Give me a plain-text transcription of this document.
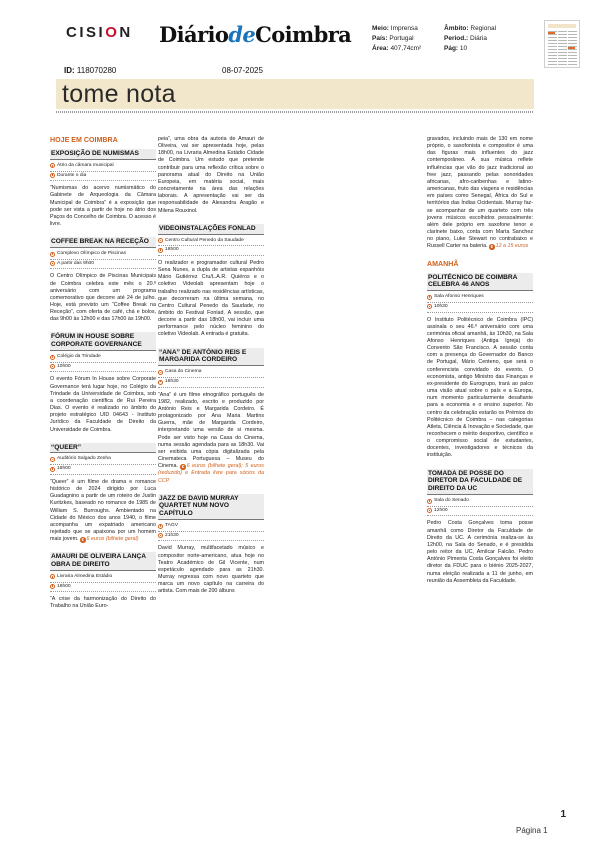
CISION DiáriodeCoimbra	Meio: Imprensa
País: Portugal
Área: 407,74cm²
Âmbito: Regional
Period.: Diária
Pág: 10
ID: 118070280	08-07-2025
tome nota
HOJE EM COIMBRA
EXPOSIÇÃO DE NUMISMAS
Átrio da câmara municipal
Durante o dia
“Numismas do acervo numismático do Gabinete de Arqueologia da Câmara Municipal de Coimbra” é a exposição que pode ser vista a partir de hoje no átrio dos Paços do Concelho de Coimbra. O acesso é livre.
COFFEE BREAK NA RECEÇÃO
Complexo Olímpico de Piscinas
A partir das 9h00
O Centro Olímpico de Piscinas Municipais de Coimbra celebra este mês o 20.º aniversário com um programa comemorativo que decorre até 24 de julho. Hoje, está previsto um “Coffee Break na Receção”, com oferta de café, chá e bolos, das 9h00 às 12h00 e das 17h00 às 19h00.
FÓRUM IN HOUSE SOBRE CORPORATE GOVERNANCE
Colégio da Trindade
10h00
O evento Fórum In House sobre Corporate Governance terá lugar hoje, no Colégio da Trindade da Universidade de Coimbra, sob a coordenação científica de Rui Pereira Dias. O evento é realizado no âmbito do projeto estratégico UID 04643 - Instituto Jurídico da Faculdade de Direito da Universidade de Coimbra.
“QUEER”
Auditório Salgado Zenha
18h00
“Queer” é um filme de drama e romance histórico de 2024 dirigido por Luca Guadagnino a partir de um roteiro de Justin Kuritzkes, baseado no romance de 1985 de William S. Burroughs. Ambientado na Cidade do México dos anos 1940, o filme acompanha um expatriado americano rejeitado que se apaixona por um homem mais jovem. € 6 euros (bilhete geral)
AMAURI DE OLIVEIRA LANÇA OBRA DE DIREITO
Livraria Almedina Estádio
18h00
“A crise da harmonização do Direito do Trabalho na União Euro-
peia”, uma obra da autoria de Amauri de Oliveira, vai ser apresentada hoje, pelas 18h00, na Livraria Almedina Estádio Cidade de Coimbra. Um estudo que pretende contribuir para uma reflexão crítica sobre o panorama atual do Direito na União Europeia, em matéria social, mais concretamente na área das relações laborais. A apresentação vai ser da responsabilidade de Alexandra Aragão e Milena Rouxinol.
VIDEOINSTALAÇÕES FONLAD
Centro Cultural Penedo da Saudade
18h00
O realizador e programador cultural Pedro Sena Nunes, a dupla de artistas espanhóis Mário Gutiérrez Cru/L.A.R. Quiéros e o coletivo Videolab apresentam hoje o trabalho realizado nas residências artísticas, que decorreram na última semana, no Centro Cultural Penedo da Saudade, no âmbito do Festival Fonlad. A sessão, que decorre a partir das 18h00, vai incluir uma performance pelo núcleo feminino do coletivo Videolab. A entrada é gratuita.
“ANA” DE ANTÓNIO REIS E MARGARIDA CORDEIRO
Casa do Cinema
18h30
“Ana” é um filme etnográfico português de 1982, realizado, escrito e produzido por António Reis e Margarida Cordeiro. É protagonizado por Ana Maria Martins Guerra, mãe de Margarida Cordeiro, interpretando uma versão de si mesma. Pode ser visto hoje na Casa do Cinema, numa sessão agendada para as 18h30. Vai ser exibida uma cópia digitalizada pela Cinemateca Portuguesa – Museu do Cinema. € 6 euros (bilhete geral); 5 euros (reduzido) e Entrada livre para sócios da CCP
JAZZ DE DAVID MURRAY QUARTET NUM NOVO CAPÍTULO
TAGV
21h30
David Murray, multifacetado músico e compositor norte-americano, atua hoje no Teatro Académico de Gil Vicente, num espetáculo agendado para as 21h30. Murray regressa com novo quarteto que marca um novo capítulo na carreira do artista. Com mais de 200 álbuns
gravados, incluindo mais de 130 em nome próprio, o saxofonista e compositor é uma das figuras mais influentes do jazz contemporâneo. A sua música reflete influências que vão do jazz tradicional ao free jazz, passando pelas sonoridades africanas, afro-caribenhas e latino-americanas, fruto das viagens e residências em países como Senegal, África do Sul e territórios das Índias Ocidentais. Murray faz-se acompanhar de um quarteto com três jovens músicos escolhidos pessoalmente: além dele próprio em saxofone tenor e clarinete baixo, conta com Marta Sanchez no piano, Luke Stewart no contrabaixo e Russell Carter na bateria. € 12 a 15 euros
AMANHÃ
POLITÉCNICO DE COIMBRA CELEBRA 46 ANOS
Sala Afonso Henriques
10h30
O Instituto Politécnico de Coimbra (IPC) assinala o seu 46.º aniversário com uma cerimónia oficial amanhã, às 10h30, na Sala Afonso Henriques (Antiga Igreja) do Convento São Francisco. A sessão conta com a presença do Governador do Banco de Portugal, Mário Centeno, que será o conferencista convidado do evento. O economista, antigo Ministro das Finanças e ex-presidente do Eurogrupo, trará ao palco uma visão atual sobre o país e a Europa, num momento particularmente desafiante para a economia e o ensino superior. No centro da celebração estarão os Prémios do Politécnico de Coimbra – nas categorias Atleta, Ciência & Inovação e Sociedade, que reconhecem o mérito desportivo, científico e o compromisso social de estudantes, docentes, investigadores e técnicos da instituição.
TOMADA DE POSSE DO DIRETOR DA FACULDADE DE DIREITO DA UC
Sala do Senado
12h00
Pedro Costa Gonçalves toma posse amanhã como Diretor da Faculdade de Direito da UC. A cerimónia realiza-se às 12h00, na Sala do Senado, e é presidida pelo reitor da UC, Amílcar Falcão. Pedro António Pimenta Costa Gonçalves foi eleito diretor da FDUC para o biénio 2025-2027, numa eleição realizada a 11 de junho, em reunião da Assembleia da Faculdade.
1
Página 1
